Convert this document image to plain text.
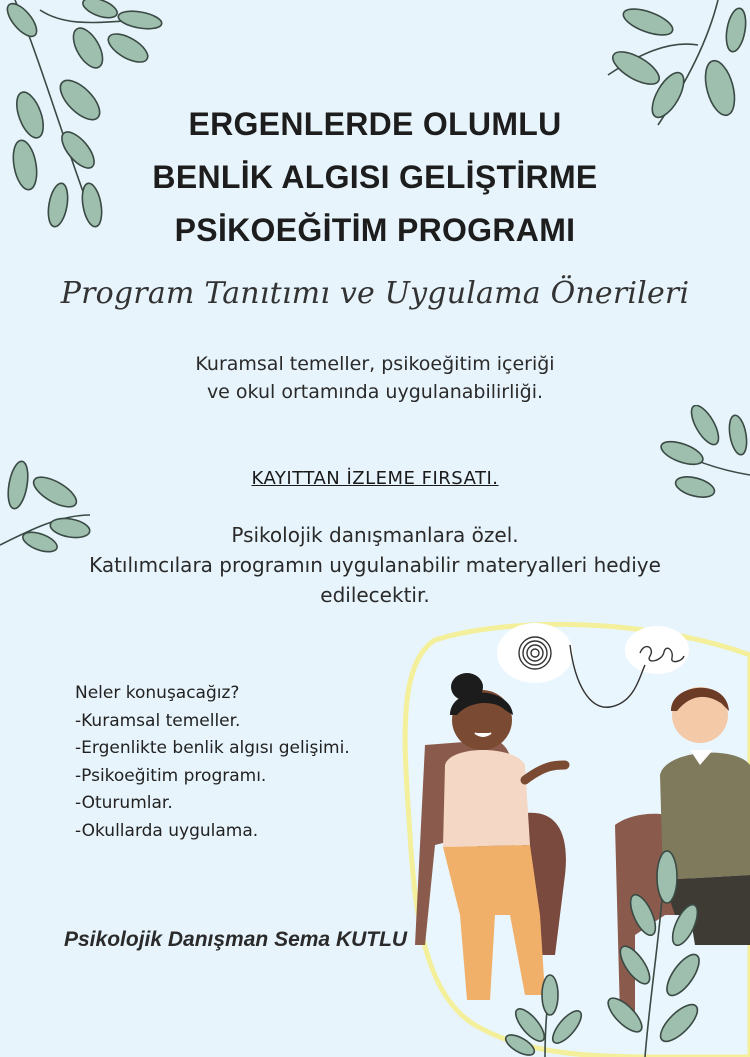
ERGENLERDE OLUMLU
BENLİK ALGISI GELİŞTİRME
PSİKOEĞİTİM PROGRAMI
Program Tanıtımı ve Uygulama Önerileri
Kuramsal temeller, psikoeğitim içeriği
ve okul ortamında uygulanabilirliği.
KAYITTAN İZLEME FIRSATI.
Psikolojik danışmanlara özel.
Katılımcılara programın uygulanabilir materyalleri hediye
edilecektir.
Neler konuşacağız?
-Kuramsal temeller.
-Ergenlikte benlik algısı gelişimi.
-Psikoeğitim programı.
-Oturumlar.
-Okullarda uygulama.
Psikolojik Danışman Sema KUTLU
